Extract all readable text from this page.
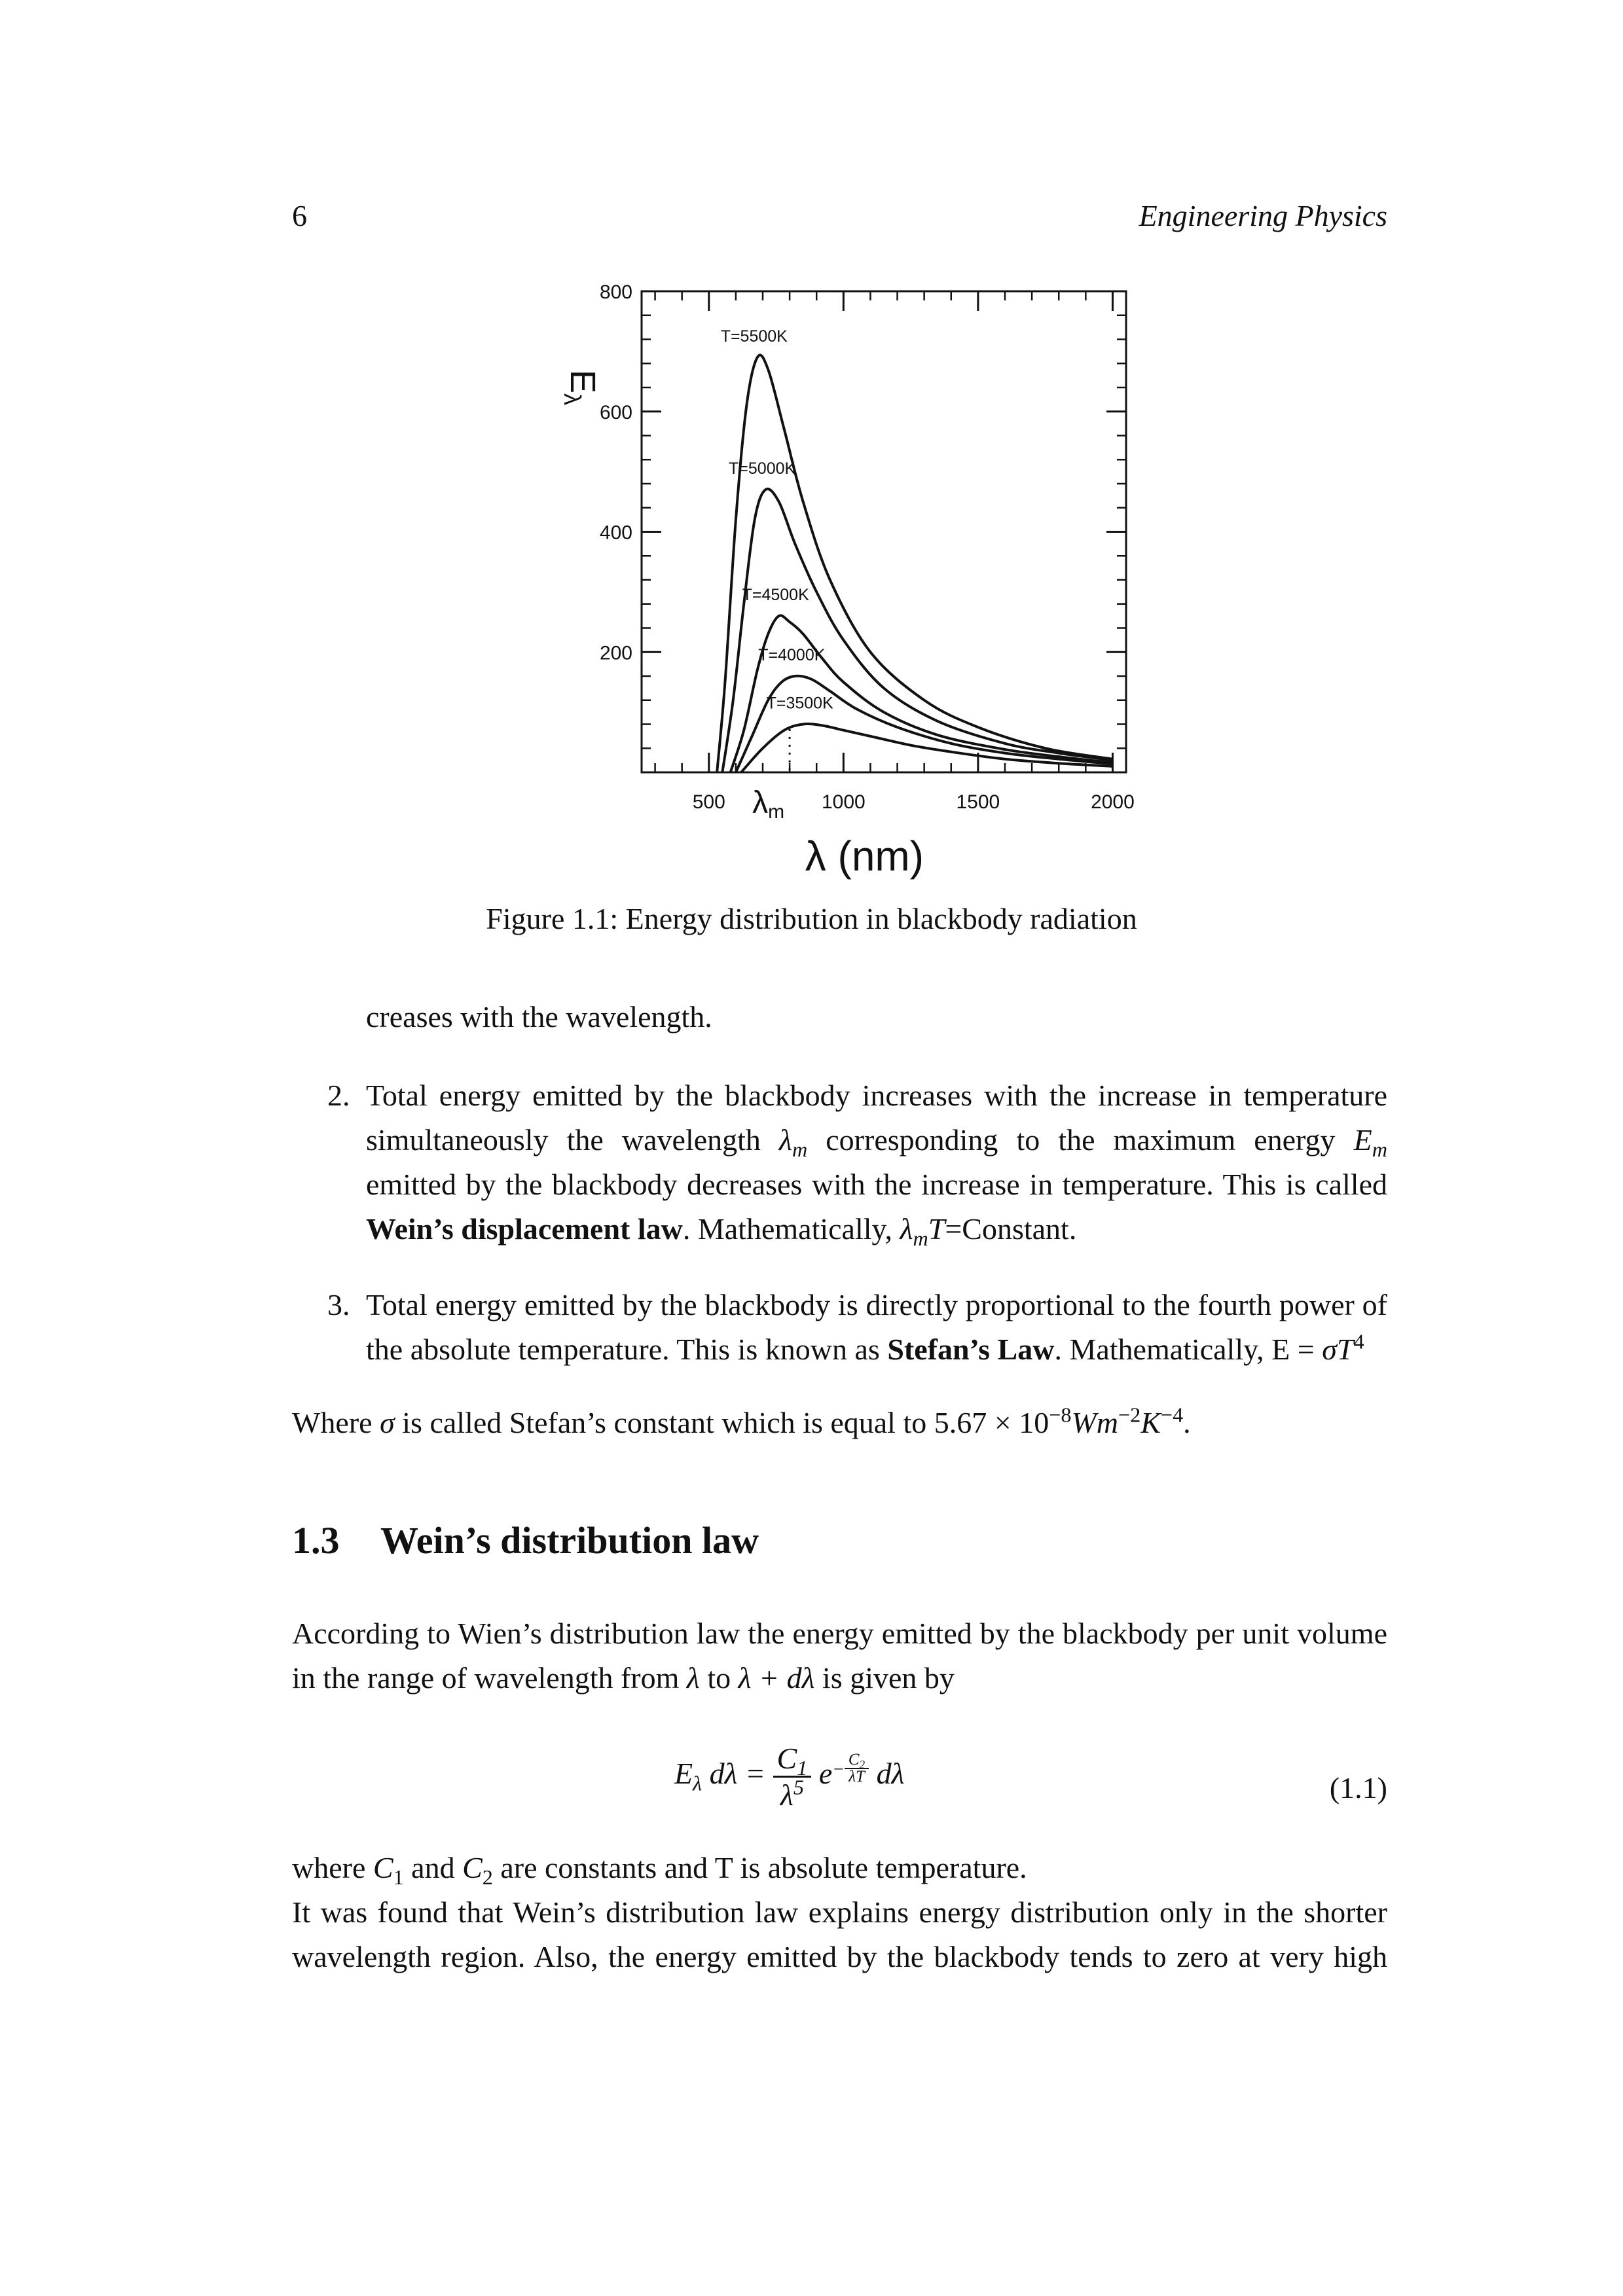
6	Engineering Physics
200
400
600
800
500	1000	1500	2000
T=5500K
T=5000K
T=4500K
T=4000K
T=3500K
λm
λ (nm)
Eλ
Figure 1.1: Energy distribution in blackbody radiation
creases with the wavelength.
2. Total energy emitted by the blackbody increases with the increase in temperature simultaneously the wavelength $\lambda_m$ corresponding to the maximum energy $E_m$ emitted by the blackbody decreases with the increase in temperature. This is called Wein’s displacement law. Mathematically, $\lambda_mT=Constant$.
3. Total energy emitted by the blackbody is directly proportional to the fourth power of the absolute temperature. This is known as Stefan’s Law. Mathematically, $E = \sigma T^4$
Where σ is called Stefan’s constant which is equal to $5.67 \times 10^{-8}Wm^{-2}K^{-4}$.
1.3 Wein’s distribution law
According to Wien’s distribution law the energy emitted by the blackbody per unit volume in the range of wavelength from λ to λ + dλ is given by
$E_\lambda$ $d\lambda = \frac{C_1}{\lambda^5} e^{- \frac{C_2}{\lambda T}}$ dλ	(1.1)
where $C_1$ and $C_2$ are constants and T is absolute temperature.
It was found that Wein’s distribution law explains energy distribution only in the shorter
wavelength region. Also, the energy emitted by the blackbody tends to zero at very high
